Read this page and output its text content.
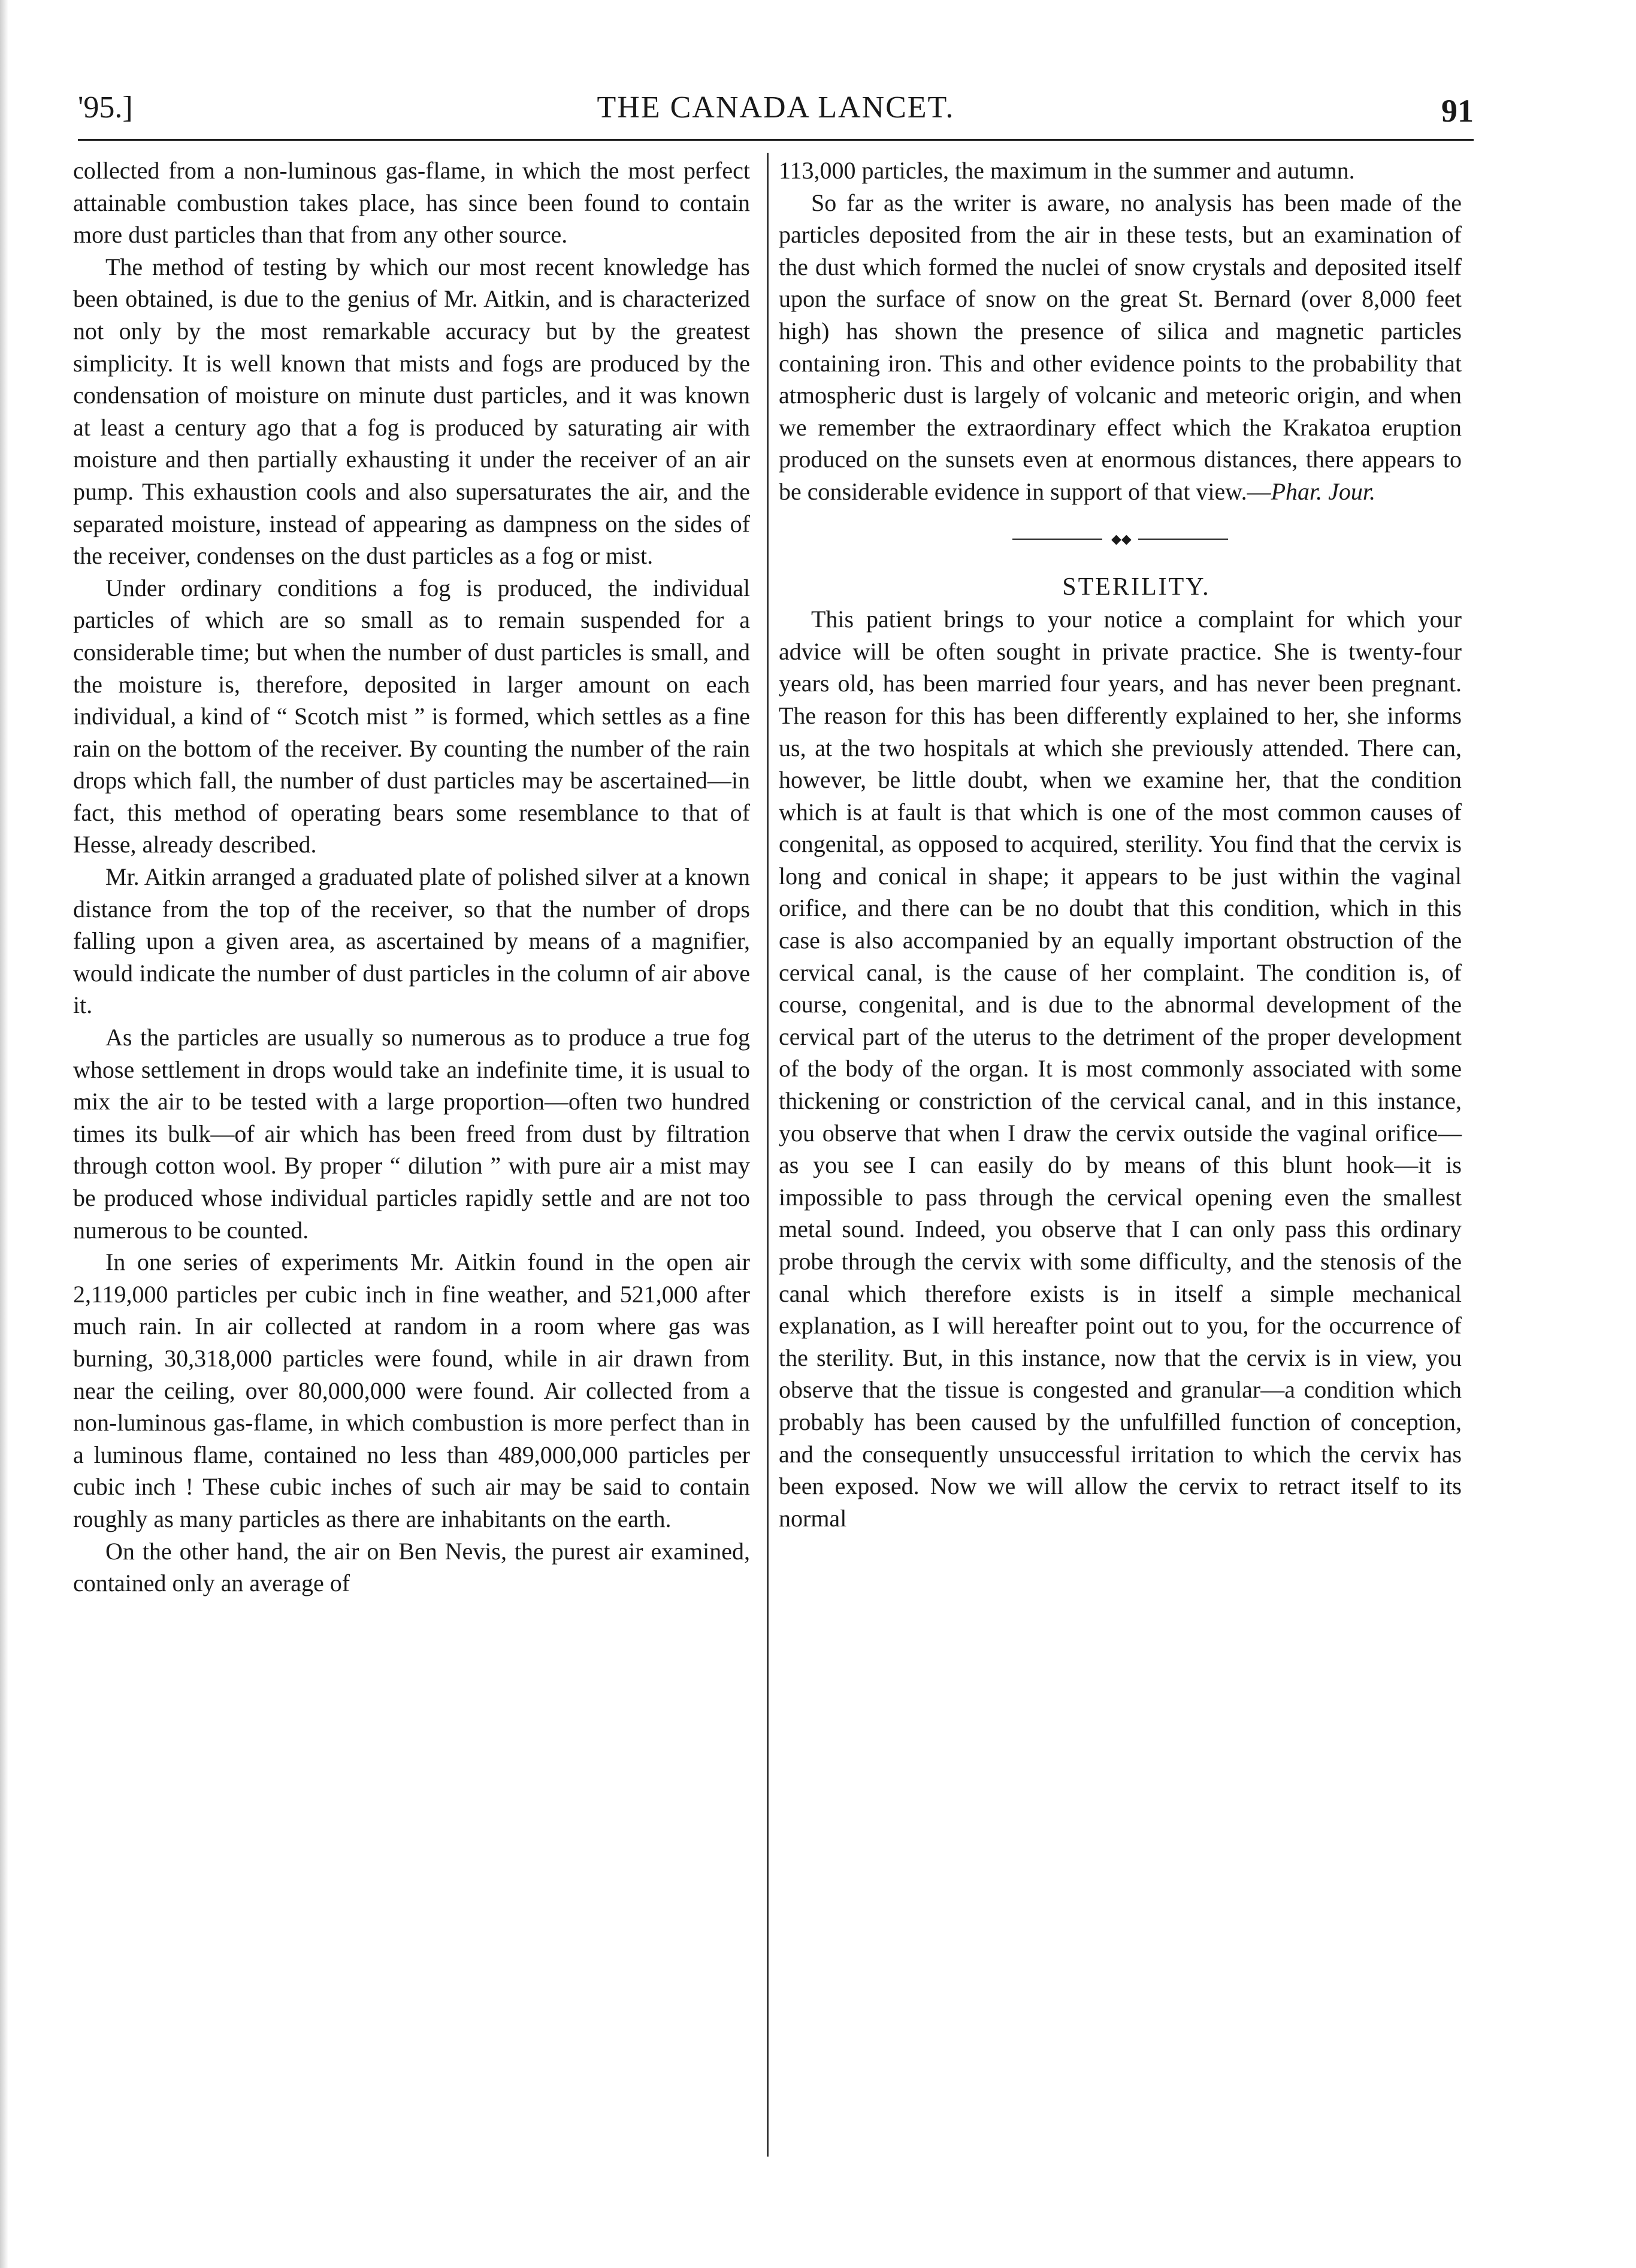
'95.]	THE CANADA LANCET.	91

collected from a non-luminous gas-flame, in which the most perfect attainable combustion takes place, has since been found to contain more dust particles than that from any other source.

The method of testing by which our most recent knowledge has been obtained, is due to the genius of Mr. Aitkin, and is characterized not only by the most remarkable accuracy but by the greatest simplicity. It is well known that mists and fogs are produced by the condensation of moisture on minute dust particles, and it was known at least a century ago that a fog is produced by saturating air with moisture and then partially exhausting it under the receiver of an air pump. This exhaustion cools and also supersaturates the air, and the separated moisture, instead of appearing as dampness on the sides of the receiver, condenses on the dust particles as a fog or mist.

Under ordinary conditions a fog is produced, the individual particles of which are so small as to remain suspended for a considerable time; but when the number of dust particles is small, and the moisture is, therefore, deposited in larger amount on each individual, a kind of “ Scotch mist ” is formed, which settles as a fine rain on the bottom of the receiver. By counting the number of the rain drops which fall, the number of dust particles may be ascertained—in fact, this method of operating bears some resemblance to that of Hesse, already described.

Mr. Aitkin arranged a graduated plate of polished silver at a known distance from the top of the receiver, so that the number of drops falling upon a given area, as ascertained by means of a magnifier, would indicate the number of dust particles in the column of air above it.

As the particles are usually so numerous as to produce a true fog whose settlement in drops would take an indefinite time, it is usual to mix the air to be tested with a large proportion—often two hundred times its bulk—of air which has been freed from dust by filtration through cotton wool. By proper “ dilution ” with pure air a mist may be produced whose individual particles rapidly settle and are not too numerous to be counted.

In one series of experiments Mr. Aitkin found in the open air 2,119,000 particles per cubic inch in fine weather, and 521,000 after much rain. In air collected at random in a room where gas was burning, 30,318,000 particles were found, while in air drawn from near the ceiling, over 80,000,000 were found. Air collected from a non-luminous gas-flame, in which combustion is more perfect than in a luminous flame, contained no less than 489,000,000 particles per cubic inch ! These cubic inches of such air may be said to contain roughly as many particles as there are inhabitants on the earth.

On the other hand, the air on Ben Nevis, the purest air examined, contained only an average of

113,000 particles, the maximum in the summer and autumn.

So far as the writer is aware, no analysis has been made of the particles deposited from the air in these tests, but an examination of the dust which formed the nuclei of snow crystals and deposited itself upon the surface of snow on the great St. Bernard (over 8,000 feet high) has shown the presence of silica and magnetic particles containing iron. This and other evidence points to the probability that atmospheric dust is largely of volcanic and meteoric origin, and when we remember the extraordinary effect which the Krakatoa eruption produced on the sunsets even at enormous distances, there appears to be considerable evidence in support of that view.—Phar. Jour.

◆◆

STERILITY.

This patient brings to your notice a complaint for which your advice will be often sought in private practice. She is twenty-four years old, has been married four years, and has never been pregnant. The reason for this has been differently explained to her, she informs us, at the two hospitals at which she previously attended. There can, however, be little doubt, when we examine her, that the condition which is at fault is that which is one of the most common causes of congenital, as opposed to acquired, sterility. You find that the cervix is long and conical in shape; it appears to be just within the vaginal orifice, and there can be no doubt that this condition, which in this case is also accompanied by an equally important obstruction of the cervical canal, is the cause of her complaint. The condition is, of course, congenital, and is due to the abnormal development of the cervical part of the uterus to the detriment of the proper development of the body of the organ. It is most commonly associated with some thickening or constriction of the cervical canal, and in this instance, you observe that when I draw the cervix outside the vaginal orifice—as you see I can easily do by means of this blunt hook—it is impossible to pass through the cervical opening even the smallest metal sound. Indeed, you observe that I can only pass this ordinary probe through the cervix with some difficulty, and the stenosis of the canal which therefore exists is in itself a simple mechanical explanation, as I will hereafter point out to you, for the occurrence of the sterility. But, in this instance, now that the cervix is in view, you observe that the tissue is congested and granular—a condition which probably has been caused by the unfulfilled function of conception, and the consequently unsuccessful irritation to which the cervix has been exposed. Now we will allow the cervix to retract itself to its normal
